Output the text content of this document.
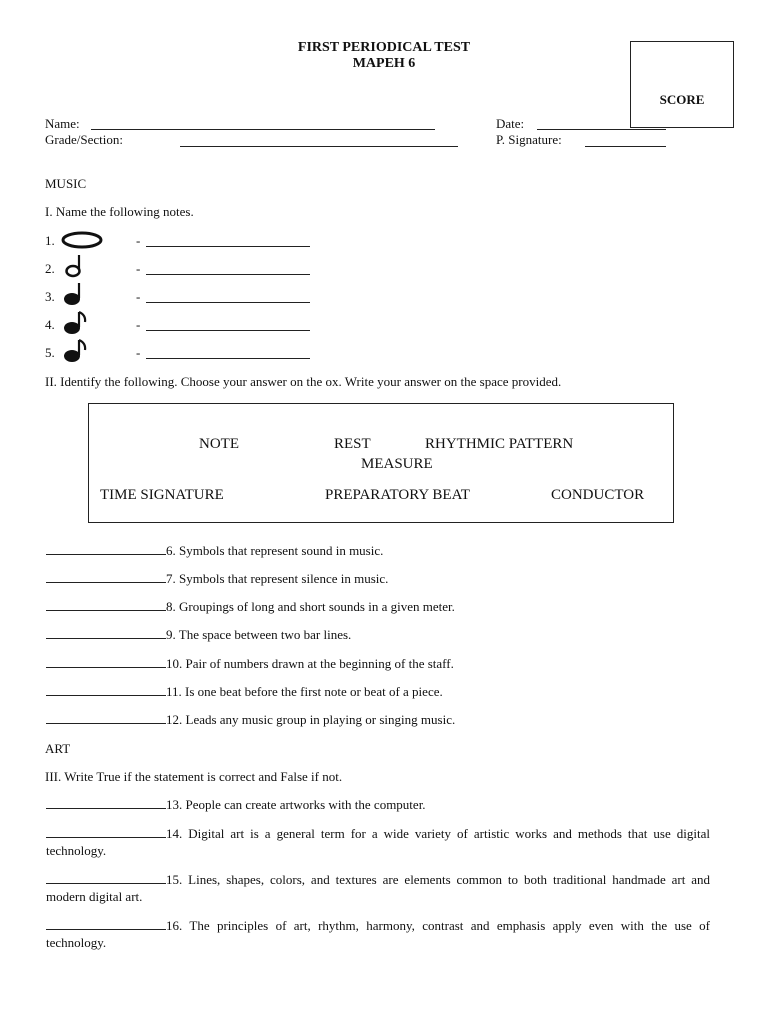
FIRST PERIODICAL TEST
MAPEH 6
SCORE
Name:
Grade/Section:
Date:
P. Signature:
MUSIC
I. Name the following notes.
1.	-
2.	-
3.	-
4.	-
5.	-
II. Identify the following. Choose your answer on the ox. Write your answer on the space provided.
NOTE	REST	RHYTHMIC PATTERN
MEASURE
TIME SIGNATURE	PREPARATORY BEAT	CONDUCTOR
6. Symbols that represent sound in music.
7. Symbols that represent silence in music.
8. Groupings of long and short sounds in a given meter.
9. The space between two bar lines.
10. Pair of numbers drawn at the beginning of the staff.
11. Is one beat before the first note or beat of a piece.
12. Leads any music group in playing or singing music.
ART
III. Write True if the statement is correct and False if not.
13. People can create artworks with the computer.
14. Digital art is a general term for a wide variety of artistic works and methods that use digital technology.
15. Lines, shapes, colors, and textures are elements common to both traditional handmade art and modern digital art.
16. The principles of art, rhythm, harmony, contrast and emphasis apply even with the use of technology.
